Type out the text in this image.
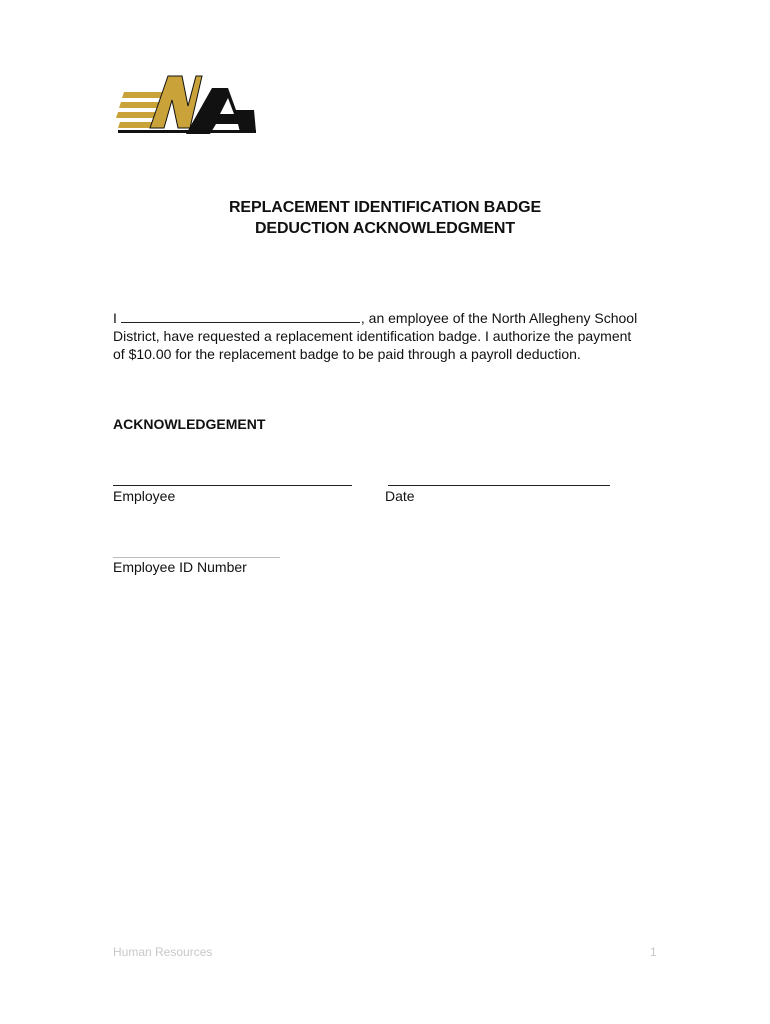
REPLACEMENT IDENTIFICATION BADGE
DEDUCTION ACKNOWLEDGMENT
I	, an employee of the North Allegheny School
District, have requested a replacement identification badge. I authorize the payment
of $10.00 for the replacement badge to be paid through a payroll deduction.
ACKNOWLEDGEMENT
Employee	Date
Employee ID Number
Human Resources	1
